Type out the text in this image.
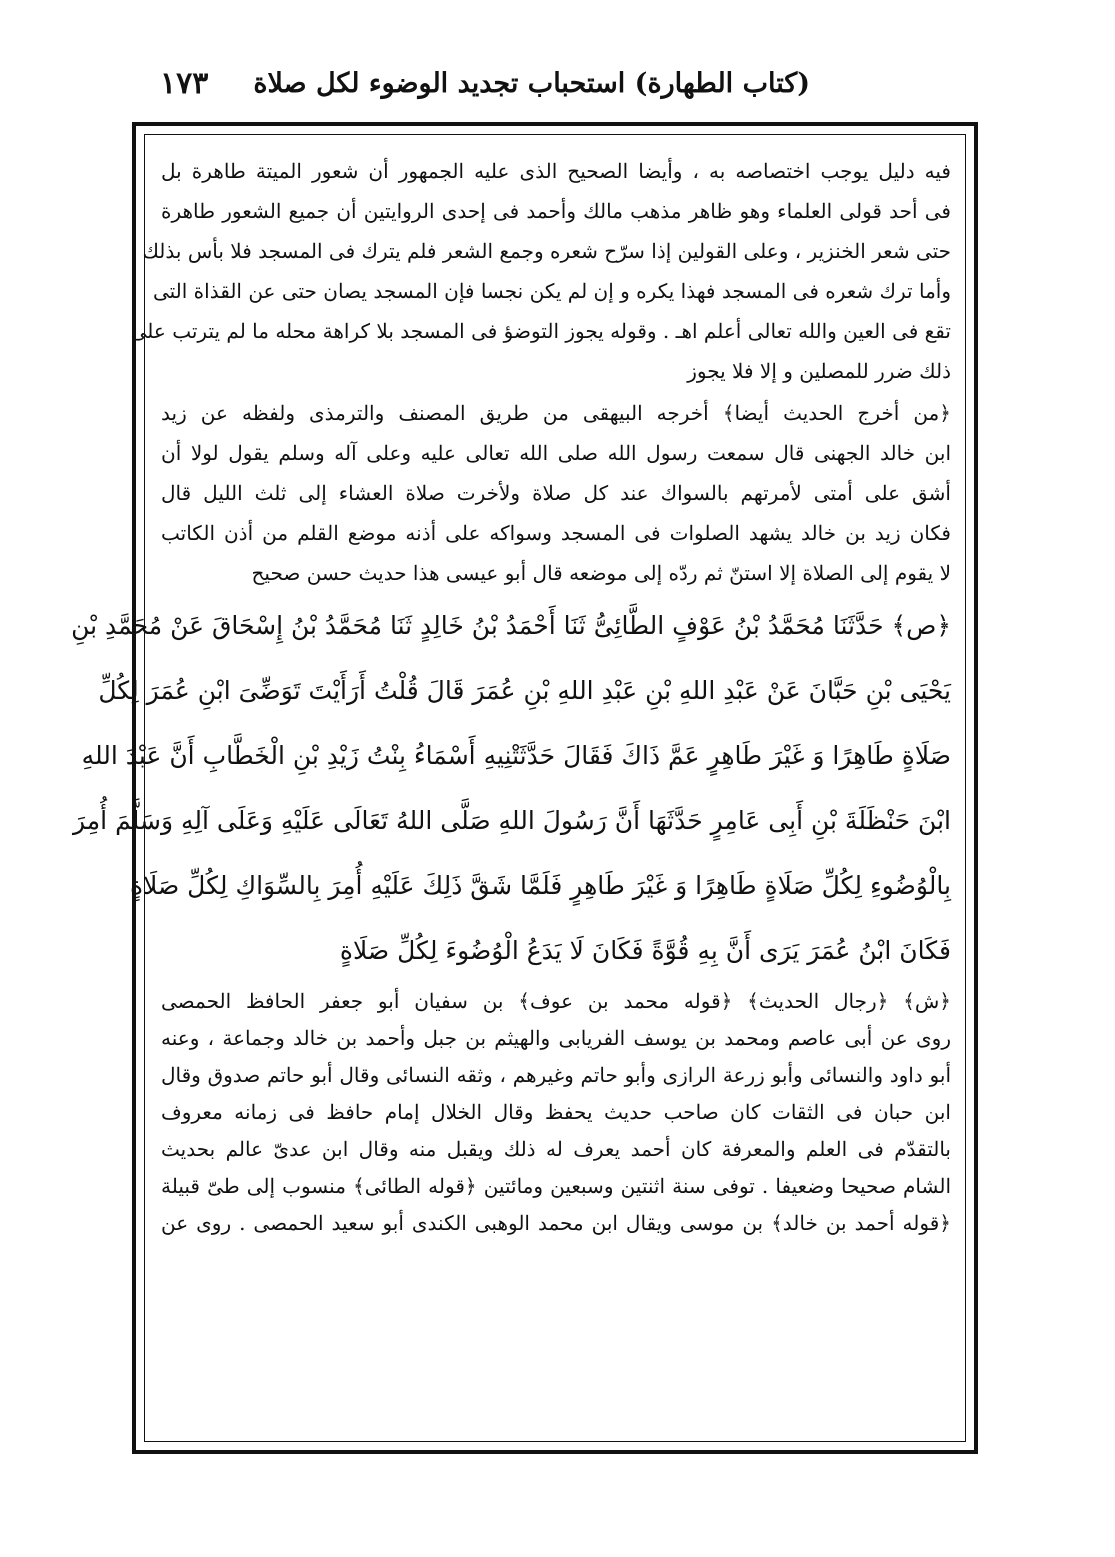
(كتاب الطهارة) استحباب تجديد الوضوء لكل صلاة
١٧٣
فيه دليل يوجب اختصاصه به ، وأيضا الصحيح الذى عليه الجمهور أن شعور الميتة طاهرة بل
فى أحد قولى العلماء وهو ظاهر مذهب مالك وأحمد فى إحدى الروايتين أن جميع الشعور طاهرة
حتى شعر الخنزير ، وعلى القولين إذا سرّح شعره وجمع الشعر فلم يترك فى المسجد فلا بأس بذلك
وأما ترك شعره فى المسجد فهذا يكره و إن لم يكن نجسا فإن المسجد يصان حتى عن القذاة التى
تقع فى العين والله تعالى أعلم اهـ . وقوله يجوز التوضؤ فى المسجد بلا كراهة محله ما لم يترتب على
ذلك ضرر للمصلين و إلا فلا يجوز
﴿من أخرج الحديث أيضا﴾ أخرجه البيهقى من طريق المصنف والترمذى ولفظه عن زيد
ابن خالد الجهنى قال سمعت رسول الله صلى الله تعالى عليه وعلى آله وسلم يقول لولا أن
أشق على أمتى لأمرتهم بالسواك عند كل صلاة ولأخرت صلاة العشاء إلى ثلث الليل قال
فكان زيد بن خالد يشهد الصلوات فى المسجد وسواكه على أذنه موضع القلم من أذن الكاتب
لا يقوم إلى الصلاة إلا استنّ ثم ردّه إلى موضعه قال أبو عيسى هذا حديث حسن صحيح
﴿ص﴾ حَدَّثَنَا مُحَمَّدُ بْنُ عَوْفٍ الطَّائِىُّ ثَنَا أَحْمَدُ بْنُ خَالِدٍ ثَنَا مُحَمَّدُ بْنُ إِسْحَاقَ عَنْ مُحَمَّدِ بْنِ
يَحْيَى بْنِ حَبَّانَ عَنْ عَبْدِ اللهِ بْنِ عَبْدِ اللهِ بْنِ عُمَرَ قَالَ قُلْتُ أَرَأَيْتَ تَوَضِّىَ ابْنِ عُمَرَ لِكُلِّ
صَلَاةٍ طَاهِرًا وَ غَيْرَ طَاهِرٍ عَمَّ ذَاكَ فَقَالَ حَدَّثَتْنِيهِ أَسْمَاءُ بِنْتُ زَيْدِ بْنِ الْخَطَّابِ أَنَّ عَبْدَ اللهِ
ابْنَ حَنْظَلَةَ بْنِ أَبِى عَامِرٍ حَدَّثَهَا أَنَّ رَسُولَ اللهِ صَلَّى اللهُ تَعَالَى عَلَيْهِ وَعَلَى آلِهِ وَسَلَّمَ أُمِرَ
بِالْوُضُوءِ لِكُلِّ صَلَاةٍ طَاهِرًا وَ غَيْرَ طَاهِرٍ فَلَمَّا شَقَّ ذَلِكَ عَلَيْهِ أُمِرَ بِالسِّوَاكِ لِكُلِّ صَلَاةٍ
فَكَانَ ابْنُ عُمَرَ يَرَى أَنَّ بِهِ قُوَّةً فَكَانَ لَا يَدَعُ الْوُضُوءَ لِكُلِّ صَلَاةٍ
﴿ش﴾ ﴿رجال الحديث﴾ ﴿قوله محمد بن عوف﴾ بن سفيان أبو جعفر الحافظ الحمصى
روى عن أبى عاصم ومحمد بن يوسف الفريابى والهيثم بن جبل وأحمد بن خالد وجماعة ، وعنه
أبو داود والنسائى وأبو زرعة الرازى وأبو حاتم وغيرهم ، وثقه النسائى وقال أبو حاتم صدوق وقال
ابن حبان فى الثقات كان صاحب حديث يحفظ وقال الخلال إمام حافظ فى زمانه معروف
بالتقدّم فى العلم والمعرفة كان أحمد يعرف له ذلك ويقبل منه وقال ابن عدىّ عالم بحديث
الشام صحيحا وضعيفا . توفى سنة اثنتين وسبعين ومائتين ﴿قوله الطائى﴾ منسوب إلى طىّ قبيلة
﴿قوله أحمد بن خالد﴾ بن موسى ويقال ابن محمد الوهبى الكندى أبو سعيد الحمصى . روى عن
